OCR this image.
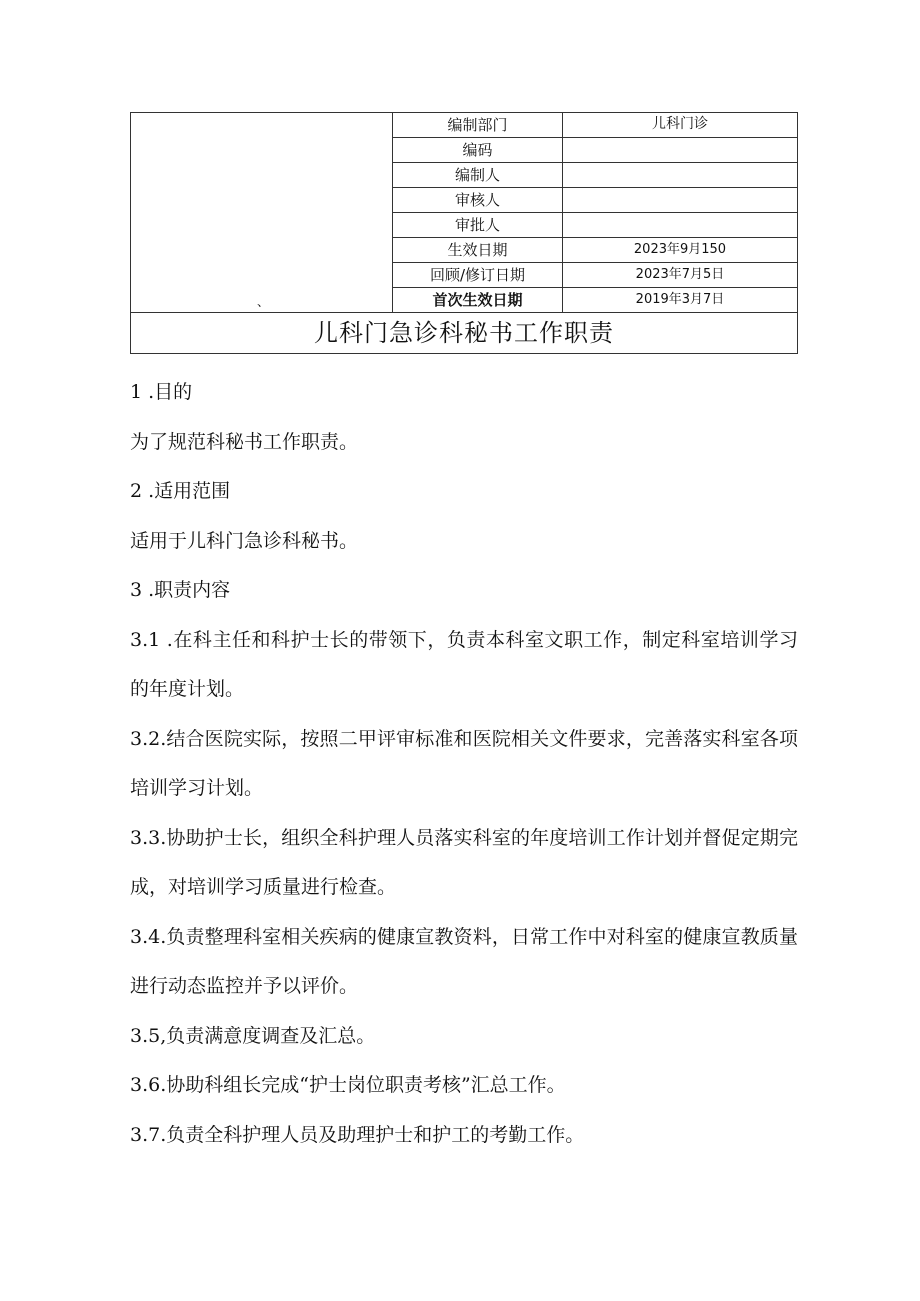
、	编制部门	儿科门诊
	编码	
	编制人	
	审核人	
	审批人	
	生效日期	2023年9月150
	回顾/修订日期	2023年7月5日
	首次生效日期	2019年3月7日
儿科门急诊科秘书工作职责		

1 .目的

为了规范科秘书工作职责。

2 .适用范围

适用于儿科门急诊科秘书。

3 .职责内容

3.1 .在科主任和科护士长的带领下，负责本科室文职工作，制定科室培训学习的年度计划。

3.2.结合医院实际，按照二甲评审标准和医院相关文件要求，完善落实科室各项培训学习计划。

3.3.协助护士长，组织全科护理人员落实科室的年度培训工作计划并督促定期完成，对培训学习质量进行检查。

3.4.负责整理科室相关疾病的健康宣教资料，日常工作中对科室的健康宣教质量进行动态监控并予以评价。

3.5,负责满意度调查及汇总。

3.6.协助科组长完成“护士岗位职责考核”汇总工作。

3.7.负责全科护理人员及助理护士和护工的考勤工作。
